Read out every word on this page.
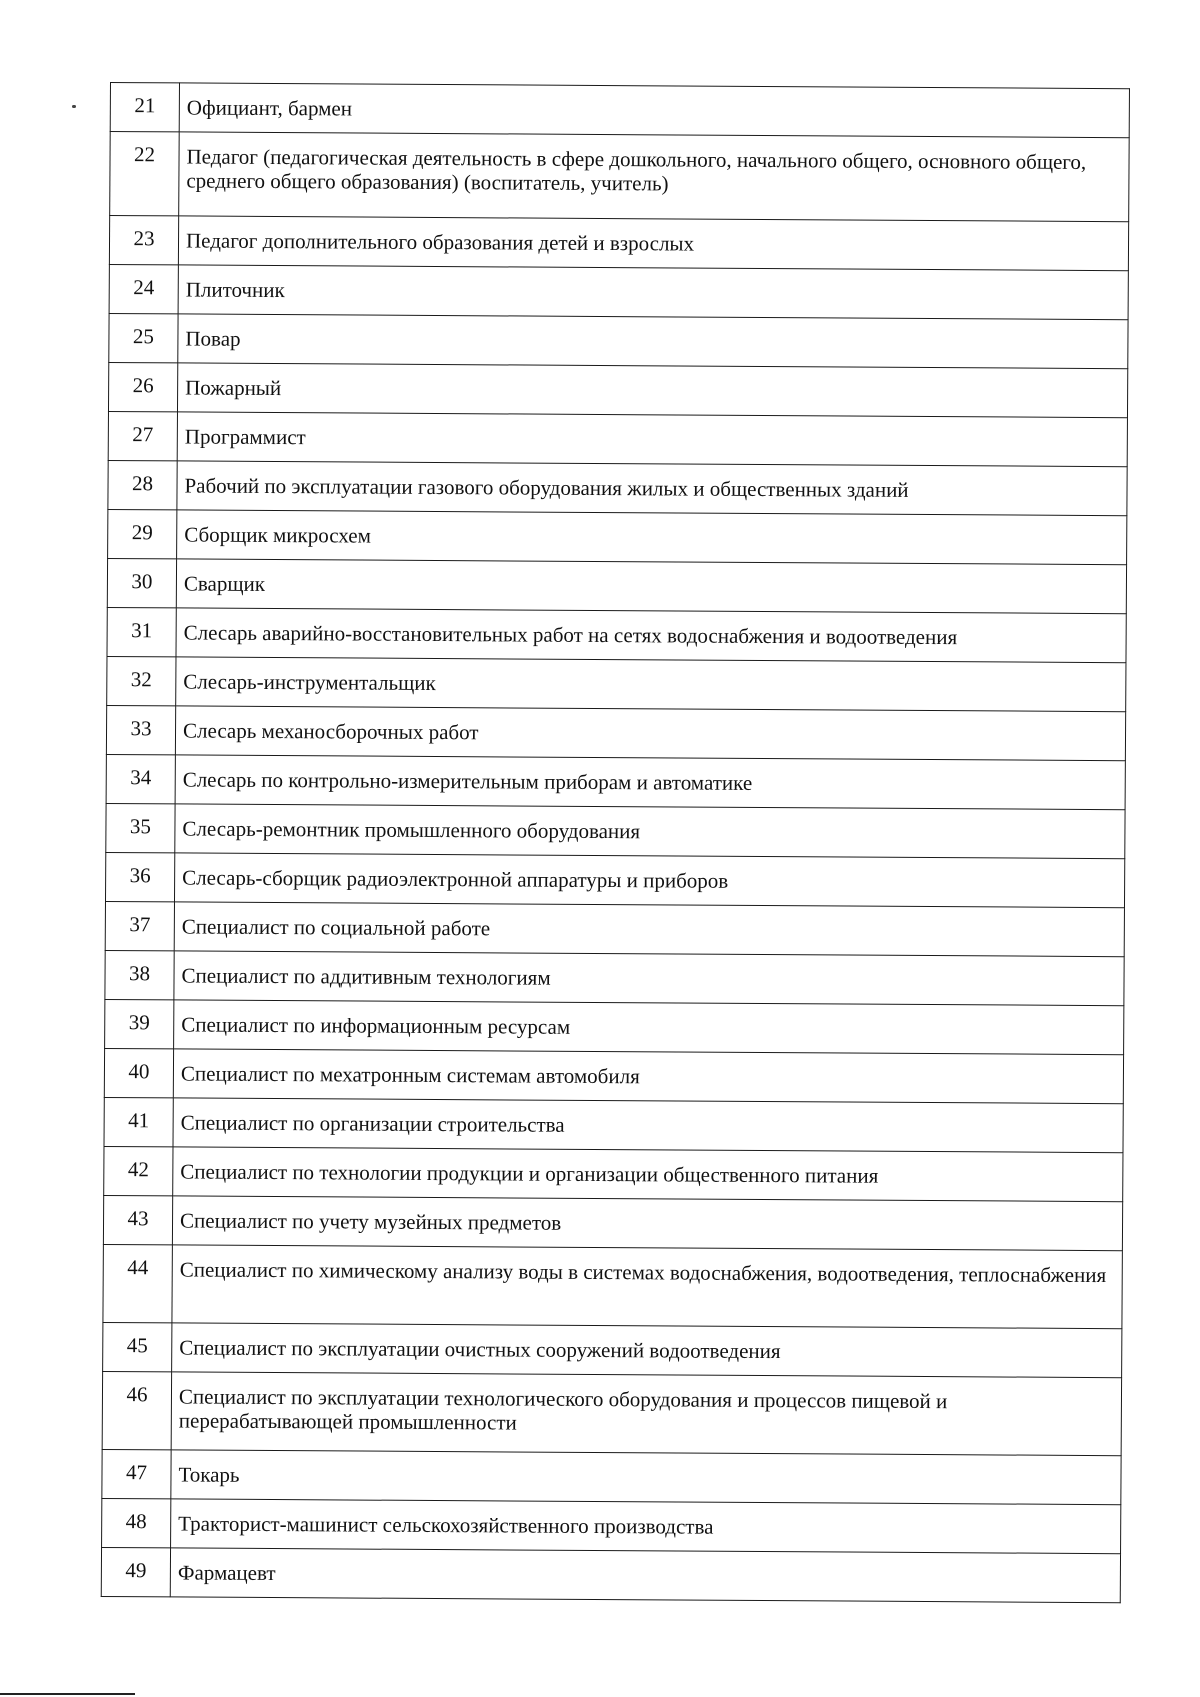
21	Официант, бармен
22	Педагог (педагогическая деятельность в сфере дошкольного, начального общего, основного общего, среднего общего образования) (воспитатель, учитель)
23	Педагог дополнительного образования детей и взрослых
24	Плиточник
25	Повар
26	Пожарный
27	Программист
28	Рабочий по эксплуатации газового оборудования жилых и общественных зданий
29	Сборщик микросхем
30	Сварщик
31	Слесарь аварийно-восстановительных работ на сетях водоснабжения и водоотведения
32	Слесарь-инструментальщик
33	Слесарь механосборочных работ
34	Слесарь по контрольно-измерительным приборам и автоматике
35	Слесарь-ремонтник промышленного оборудования
36	Слесарь-сборщик радиоэлектронной аппаратуры и приборов
37	Специалист по социальной работе
38	Специалист по аддитивным технологиям
39	Специалист по информационным ресурсам
40	Специалист по мехатронным системам автомобиля
41	Специалист по организации строительства
42	Специалист по технологии продукции и организации общественного питания
43	Специалист по учету музейных предметов
44	Специалист по химическому анализу воды в системах водоснабжения, водоотведения, теплоснабжения
45	Специалист по эксплуатации очистных сооружений водоотведения
46	Специалист по эксплуатации технологического оборудования и процессов пищевой и перерабатывающей промышленности
47	Токарь
48	Тракторист-машинист сельскохозяйственного производства
49	Фармацевт
